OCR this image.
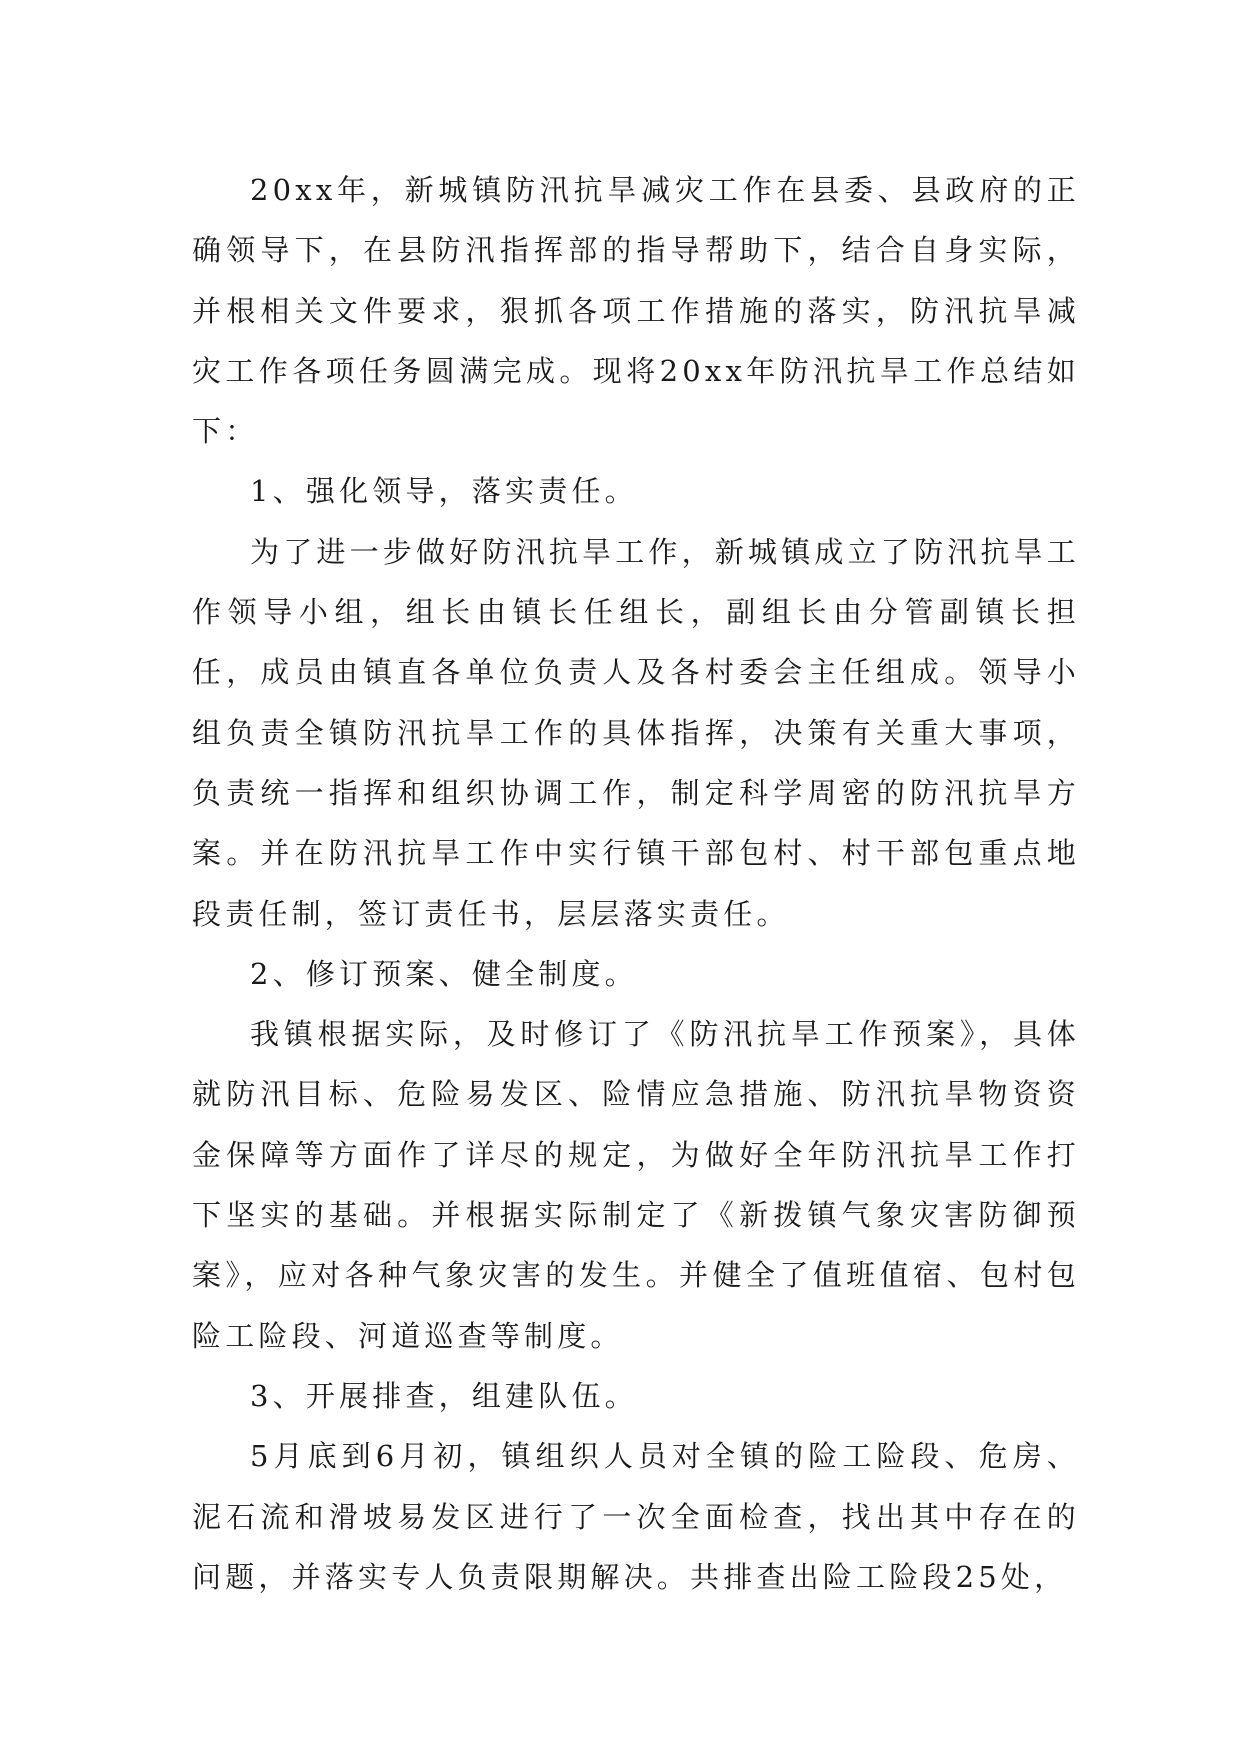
20xx年，新城镇防汛抗旱减灾工作在县委、县政府的正确领导下，在县防汛指挥部的指导帮助下，结合自身实际，并根相关文件要求，狠抓各项工作措施的落实，防汛抗旱减灾工作各项任务圆满完成。现将20xx年防汛抗旱工作总结如下：

1、强化领导，落实责任。

为了进一步做好防汛抗旱工作，新城镇成立了防汛抗旱工作领导小组，组长由镇长任组长，副组长由分管副镇长担任，成员由镇直各单位负责人及各村委会主任组成。领导小组负责全镇防汛抗旱工作的具体指挥，决策有关重大事项，负责统一指挥和组织协调工作，制定科学周密的防汛抗旱方案。并在防汛抗旱工作中实行镇干部包村、村干部包重点地段责任制，签订责任书，层层落实责任。

2、修订预案、健全制度。

我镇根据实际，及时修订了《防汛抗旱工作预案》，具体就防汛目标、危险易发区、险情应急措施、防汛抗旱物资资金保障等方面作了详尽的规定，为做好全年防汛抗旱工作打下坚实的基础。并根据实际制定了《新拨镇气象灾害防御预案》，应对各种气象灾害的发生。并健全了值班值宿、包村包险工险段、河道巡查等制度。

3、开展排查，组建队伍。

5月底到6月初，镇组织人员对全镇的险工险段、危房、泥石流和滑坡易发区进行了一次全面检查，找出其中存在的问题，并落实专人负责限期解决。共排查出险工险段25处，
